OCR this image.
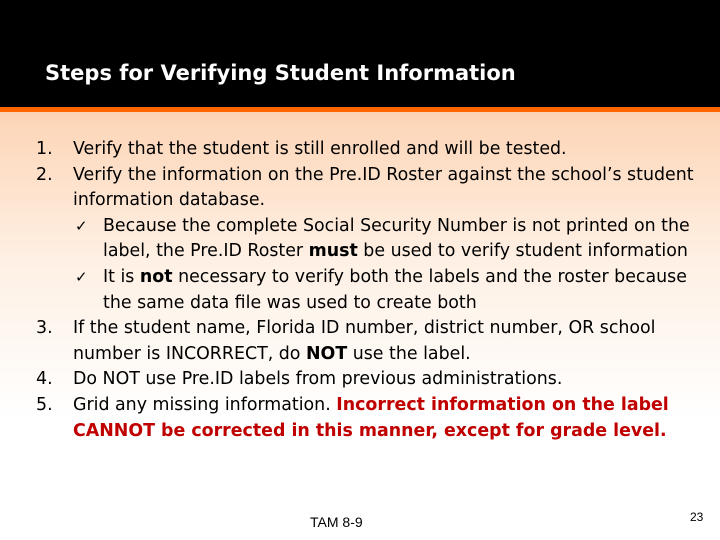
Steps for Verifying Student Information
1. Verify that the student is still enrolled and will be tested.
2. Verify the information on the Pre.ID Roster against the school’s student information database.
✓ Because the complete Social Security Number is not printed on the label, the Pre.ID Roster must be used to verify student information
✓ It is not necessary to verify both the labels and the roster because the same data file was used to create both
3. If the student name, Florida ID number, district number, OR school number is INCORRECT, do NOT use the label.
4. Do NOT use Pre.ID labels from previous administrations.
5. Grid any missing information. Incorrect information on the label CANNOT be corrected in this manner, except for grade level.
TAM 8-9	23
